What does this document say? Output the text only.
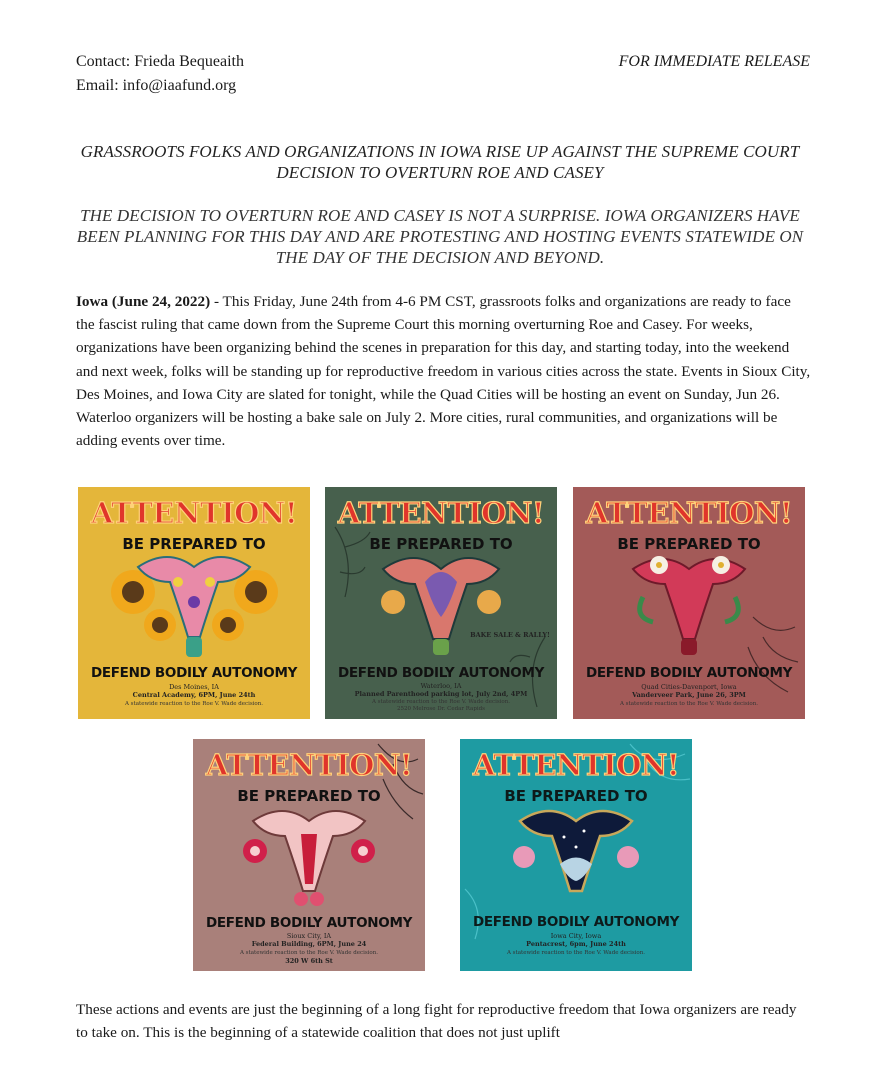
Contact: Frieda Bequeaith
Email: info@iaafund.org
FOR IMMEDIATE RELEASE
GRASSROOTS FOLKS AND ORGANIZATIONS IN IOWA RISE UP AGAINST THE SUPREME COURT DECISION TO OVERTURN ROE AND CASEY
THE DECISION TO OVERTURN ROE AND CASEY IS NOT A SURPRISE. IOWA ORGANIZERS HAVE BEEN PLANNING FOR THIS DAY AND ARE PROTESTING AND HOSTING EVENTS STATEWIDE ON THE DAY OF THE DECISION AND BEYOND.
Iowa (June 24, 2022) - This Friday, June 24th from 4-6 PM CST, grassroots folks and organizations are ready to face the fascist ruling that came down from the Supreme Court this morning overturning Roe and Casey. For weeks, organizations have been organizing behind the scenes in preparation for this day, and starting today, into the weekend and next week, folks will be standing up for reproductive freedom in various cities across the state. Events in Sioux City, Des Moines, and Iowa City are slated for tonight, while the Quad Cities will be hosting an event on Sunday, Jun 26. Waterloo organizers will be hosting a bake sale on July 2. More cities, rural communities, and organizations will be adding events over time.
ATTENTION!
BE PREPARED TO
DEFEND BODILY AUTONOMY
Des Moines, IA
Central Academy, 6PM, June 24th
A statewide reaction to the Roe V. Wade decision.
BAKE SALE & RALLY!
ATTENTION!
BE PREPARED TO
DEFEND BODILY AUTONOMY
Waterloo, IA
Planned Parenthood parking lot, July 2nd, 4PM
A statewide reaction to the Roe V. Wade decision.
2520 Melrose Dr. Cedar Rapids
ATTENTION!
BE PREPARED TO
DEFEND BODILY AUTONOMY
Quad Cities-Davenport, Iowa
Vanderveer Park, June 26, 3PM
A statewide reaction to the Roe V. Wade decision.
ATTENTION!
BE PREPARED TO
DEFEND BODILY AUTONOMY
Sioux City, IA
Federal Building, 6PM, June 24
A statewide reaction to the Roe V. Wade decision.
320 W 6th St
ATTENTION!
BE PREPARED TO
DEFEND BODILY AUTONOMY
Iowa City, Iowa
Pentacrest, 6pm, June 24th
A statewide reaction to the Roe V. Wade decision.
These actions and events are just the beginning of a long fight for reproductive freedom that Iowa organizers are ready to take on. This is the beginning of a statewide coalition that does not just uplift
